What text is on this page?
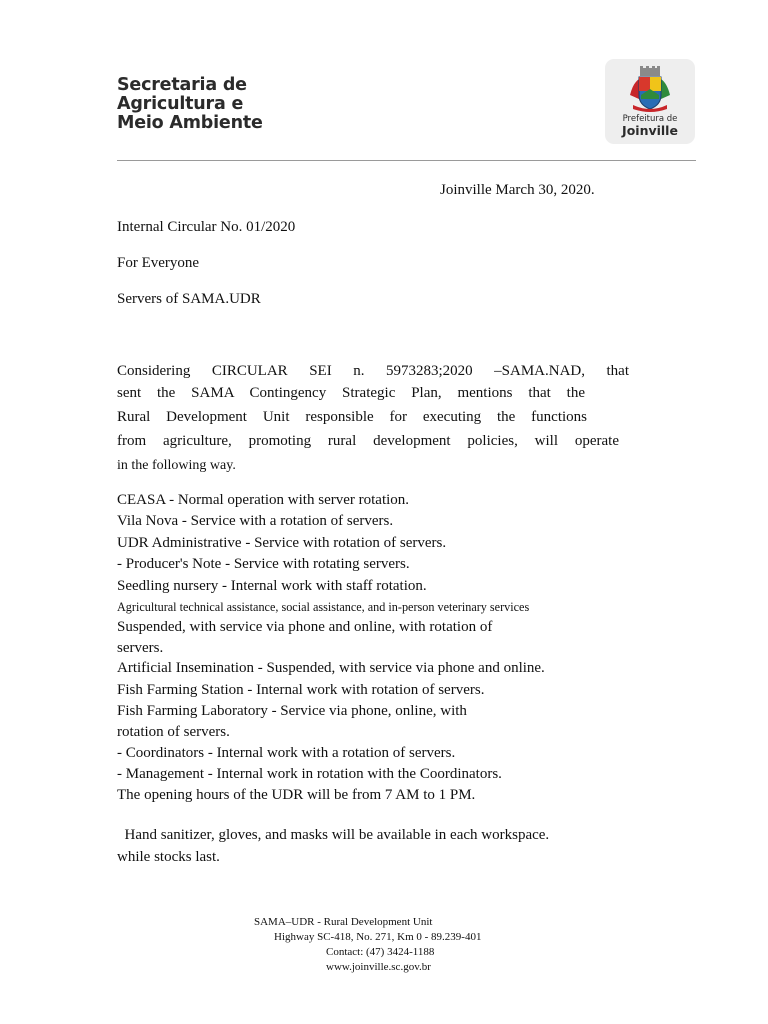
Secretaria de
Agricultura e
Meio Ambiente	Prefeitura de
Joinville
Joinville March 30, 2020.
Internal Circular No. 01/2020
For Everyone
Servers of SAMA.UDR
Considering CIRCULAR SEI n. 5973283;2020 –SAMA.NAD, that
sent the SAMA Contingency Strategic Plan, mentions that the
Rural Development Unit responsible for executing the functions
from agriculture, promoting rural development policies, will operate
in the following way.
CEASA - Normal operation with server rotation.
Vila Nova - Service with a rotation of servers.
UDR Administrative - Service with rotation of servers.
- Producer's Note - Service with rotating servers.
Seedling nursery - Internal work with staff rotation.
Agricultural technical assistance, social assistance, and in-person veterinary services
Suspended, with service via phone and online, with rotation of
servers.
Artificial Insemination - Suspended, with service via phone and online.
Fish Farming Station - Internal work with rotation of servers.
Fish Farming Laboratory - Service via phone, online, with
rotation of servers.
- Coordinators - Internal work with a rotation of servers.
- Management - Internal work in rotation with the Coordinators.
The opening hours of the UDR will be from 7 AM to 1 PM.
Hand sanitizer, gloves, and masks will be available in each workspace.
while stocks last.
SAMA–UDR - Rural Development Unit
Highway SC-418, No. 271, Km 0 - 89.239-401
Contact: (47) 3424-1188
www.joinville.sc.gov.br
